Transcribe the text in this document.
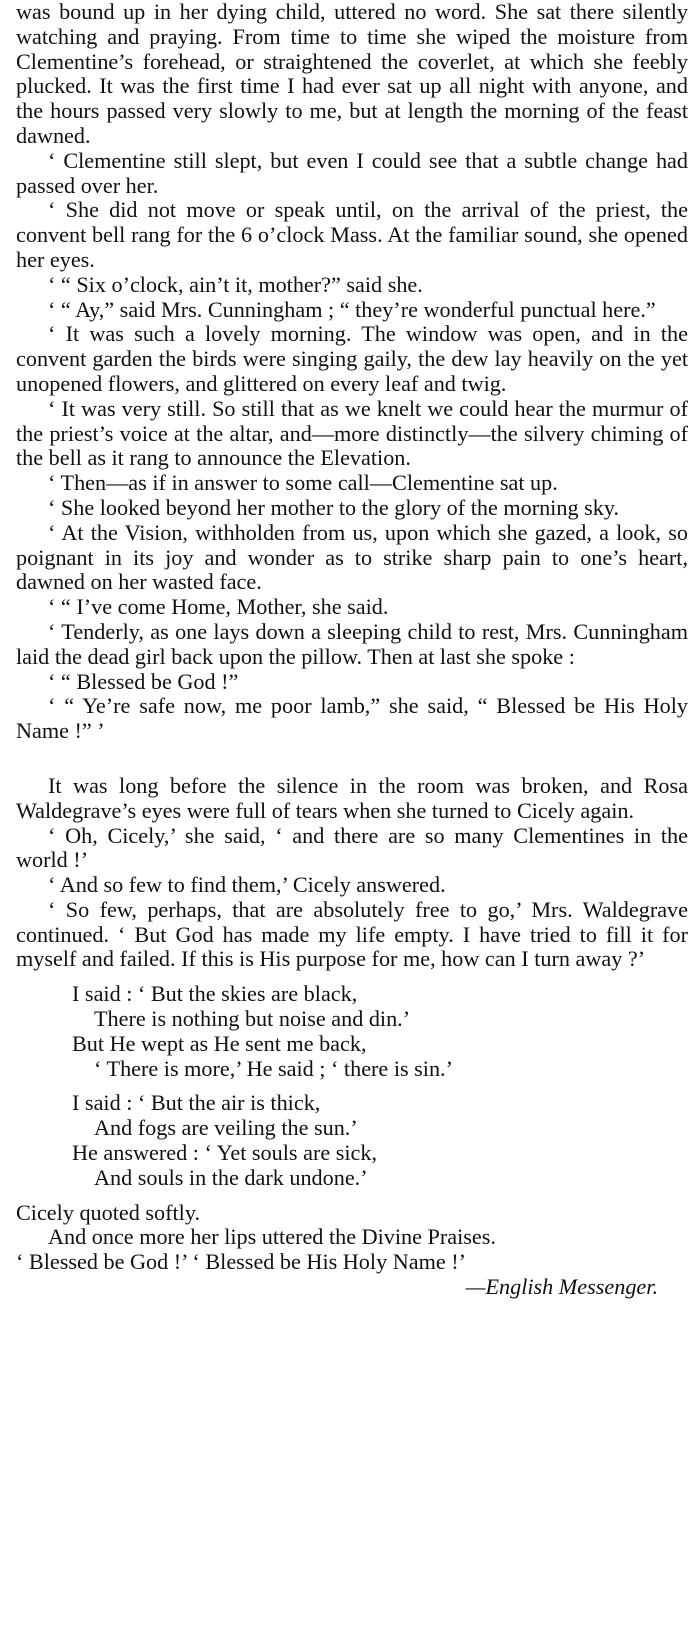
was bound up in her dying child, uttered no word. She sat there silently watching and praying. From time to time she wiped the moisture from Clementine’s forehead, or straightened the coverlet, at which she feebly plucked. It was the first time I had ever sat up all night with anyone, and the hours passed very slowly to me, but at length the morning of the feast dawned.

‘ Clementine still slept, but even I could see that a subtle change had passed over her.

‘ She did not move or speak until, on the arrival of the priest, the convent bell rang for the 6 o’clock Mass. At the familiar sound, she opened her eyes.

‘ “ Six o’clock, ain’t it, mother?” said she.

‘ “ Ay,” said Mrs. Cunningham ; “ they’re wonderful punctual here.”

‘ It was such a lovely morning. The window was open, and in the convent garden the birds were singing gaily, the dew lay heavily on the yet unopened flowers, and glittered on every leaf and twig.

‘ It was very still. So still that as we knelt we could hear the murmur of the priest’s voice at the altar, and—more distinctly—the silvery chiming of the bell as it rang to announce the Elevation.

‘ Then—as if in answer to some call—Clementine sat up.

‘ She looked beyond her mother to the glory of the morning sky.

‘ At the Vision, withholden from us, upon which she gazed, a look, so poignant in its joy and wonder as to strike sharp pain to one’s heart, dawned on her wasted face.

‘ “ I’ve come Home, Mother, she said.

‘ Tenderly, as one lays down a sleeping child to rest, Mrs. Cunningham laid the dead girl back upon the pillow. Then at last she spoke :

‘ “ Blessed be God !”

‘ “ Ye’re safe now, me poor lamb,” she said, “ Blessed be His Holy Name !” ’

It was long before the silence in the room was broken, and Rosa Waldegrave’s eyes were full of tears when she turned to Cicely again.

‘ Oh, Cicely,’ she said, ‘ and there are so many Clementines in the world !’

‘ And so few to find them,’ Cicely answered.

‘ So few, perhaps, that are absolutely free to go,’ Mrs. Waldegrave continued. ‘ But God has made my life empty. I have tried to fill it for myself and failed. If this is His purpose for me, how can I turn away ?’

I said : ‘ But the skies are black,
There is nothing but noise and din.’
But He wept as He sent me back,
‘ There is more,’ He said ; ‘ there is sin.’
I said : ‘ But the air is thick,
And fogs are veiling the sun.’
He answered : ‘ Yet souls are sick,
And souls in the dark undone.’

Cicely quoted softly.

And once more her lips uttered the Divine Praises.

‘ Blessed be God !’ ‘ Blessed be His Holy Name !’

—English Messenger.
